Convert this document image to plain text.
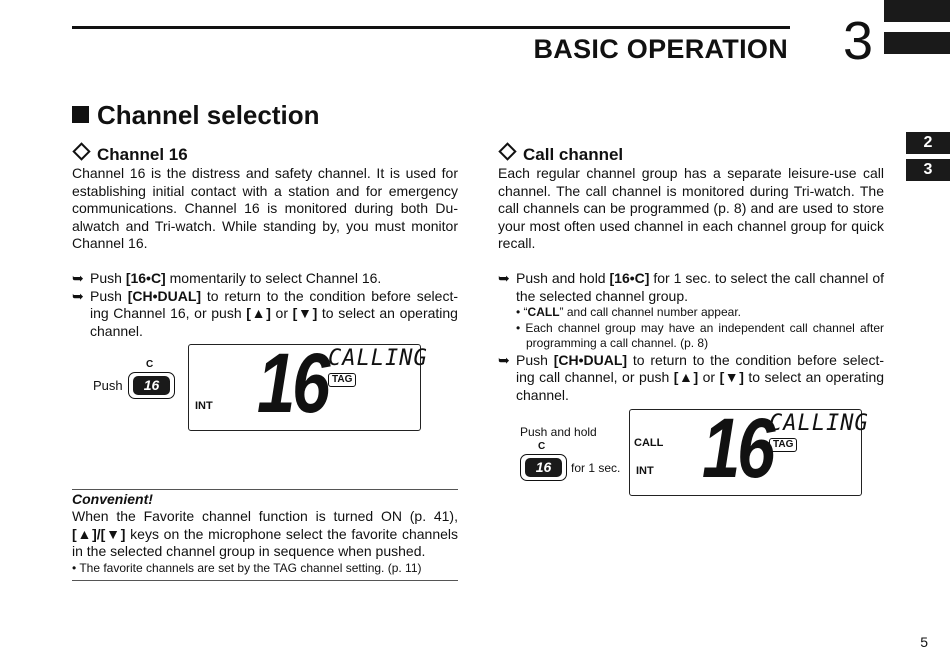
BASIC OPERATION 3
2
3
Channel selection
Channel 16
Channel 16 is the distress and safety channel. It is used for establishing initial contact with a station and for emergency communications. Channel 16 is monitored during both Du-alwatch and Tri-watch. While standing by, you must monitor Channel 16.
➥ Push [16•C] momentarily to select Channel 16.
➥ Push [CH•DUAL] to return to the condition before select-ing Channel 16, or push [▲] or [▼] to select an operating channel.
C
Push	16
INT 16 CALLING
TAG
Convenient!
When the Favorite channel function is turned ON (p. 41), [▲]/[▼] keys on the microphone select the favorite channels in the selected channel group in sequence when pushed.
• The favorite channels are set by the TAG channel setting. (p. 11)
Call channel
Each regular channel group has a separate leisure-use call channel. The call channel is monitored during Tri-watch. The call channels can be programmed (p. 8) and are used to store your most often used channel in each channel group for quick recall.
➥ Push and hold [16•C] for 1 sec. to select the call channel of the selected channel group.
• “CALL” and call channel number appear.
• Each channel group may have an independent call channel after programming a call channel. (p. 8)
➥ Push [CH•DUAL] to return to the condition before select-ing call channel, or push [▲] or [▼] to select an operating channel.
Push and hold
C
16	for 1 sec.
CALL
INT 16
CALLING
TAG
5
